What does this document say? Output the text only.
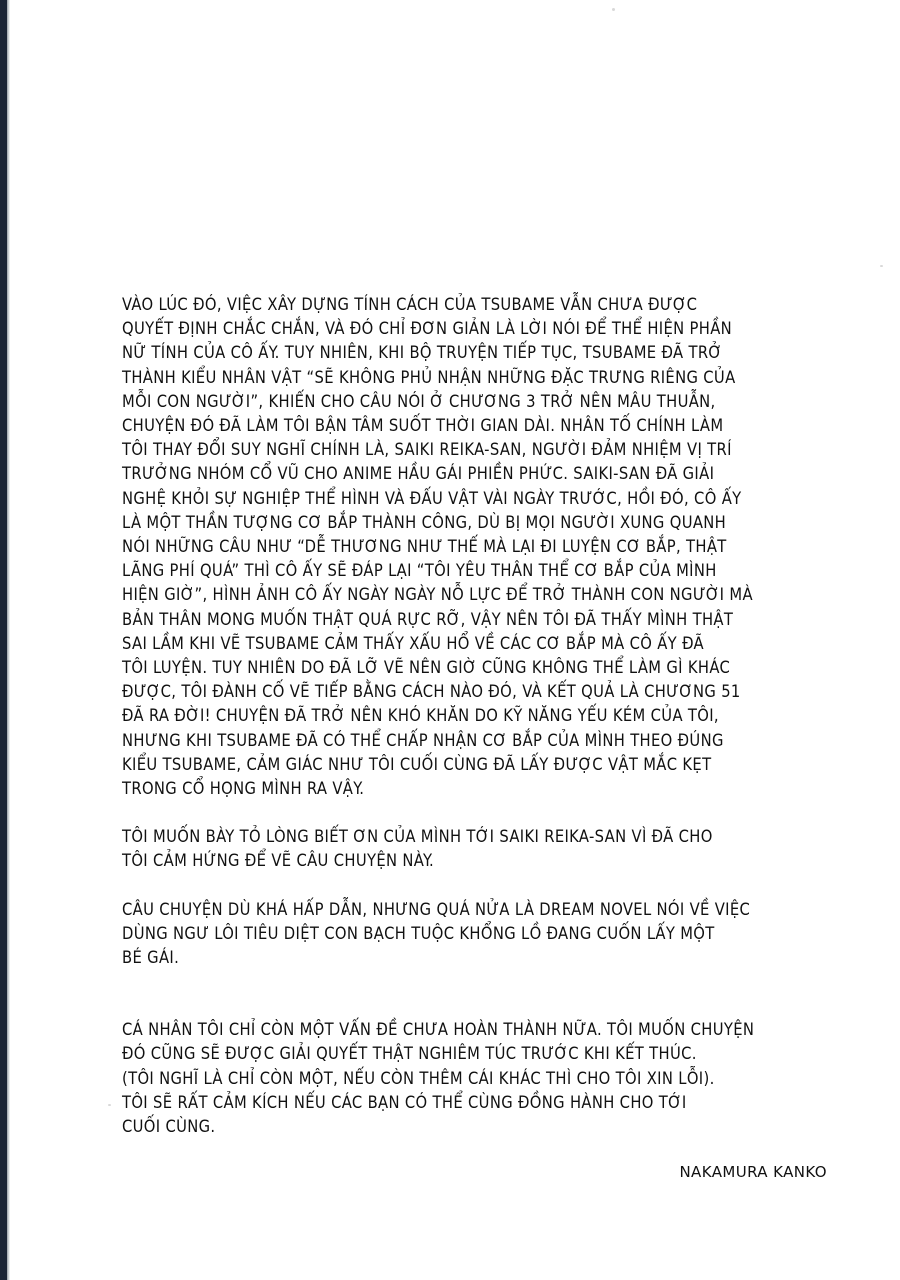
VÀO LÚC ĐÓ, VIỆC XÂY DỰNG TÍNH CÁCH CỦA TSUBAME VẪN CHƯA ĐƯỢC
QUYẾT ĐỊNH CHẮC CHẮN, VÀ ĐÓ CHỈ ĐƠN GIẢN LÀ LỜI NÓI ĐỂ THỂ HIỆN PHẦN
NỮ TÍNH CỦA CÔ ẤY. TUY NHIÊN, KHI BỘ TRUYỆN TIẾP TỤC, TSUBAME ĐÃ TRỞ
THÀNH KIỂU NHÂN VẬT “SẼ KHÔNG PHỦ NHẬN NHỮNG ĐẶC TRƯNG RIÊNG CỦA
MỖI CON NGƯỜI”, KHIẾN CHO CÂU NÓI Ở CHƯƠNG 3 TRỞ NÊN MÂU THUẪN,
CHUYỆN ĐÓ ĐÃ LÀM TÔI BẬN TÂM SUỐT THỜI GIAN DÀI. NHÂN TỐ CHÍNH LÀM
TÔI THAY ĐỔI SUY NGHĨ CHÍNH LÀ, SAIKI REIKA-SAN, NGƯỜI ĐẢM NHIỆM VỊ TRÍ
TRƯỞNG NHÓM CỔ VŨ CHO ANIME HẦU GÁI PHIỀN PHỨC. SAIKI-SAN ĐÃ GIẢI
NGHỆ KHỎI SỰ NGHIỆP THỂ HÌNH VÀ ĐẤU VẬT VÀI NGÀY TRƯỚC, HỒI ĐÓ, CÔ ẤY
LÀ MỘT THẦN TƯỢNG CƠ BẮP THÀNH CÔNG, DÙ BỊ MỌI NGƯỜI XUNG QUANH
NÓI NHỮNG CÂU NHƯ “DỄ THƯƠNG NHƯ THẾ MÀ LẠI ĐI LUYỆN CƠ BẮP, THẬT
LÃNG PHÍ QUÁ” THÌ CÔ ẤY SẼ ĐÁP LẠI “TÔI YÊU THÂN THỂ CƠ BẮP CỦA MÌNH
HIỆN GIỜ”, HÌNH ẢNH CÔ ẤY NGÀY NGÀY NỖ LỰC ĐỂ TRỞ THÀNH CON NGƯỜI MÀ
BẢN THÂN MONG MUỐN THẬT QUÁ RỰC RỠ, VẬY NÊN TÔI ĐÃ THẤY MÌNH THẬT
SAI LẦM KHI VẼ TSUBAME CẢM THẤY XẤU HỔ VỀ CÁC CƠ BẮP MÀ CÔ ẤY ĐÃ
TÔI LUYỆN. TUY NHIÊN DO ĐÃ LỠ VẼ NÊN GIỜ CŨNG KHÔNG THỂ LÀM GÌ KHÁC
ĐƯỢC, TÔI ĐÀNH CỐ VẼ TIẾP BẰNG CÁCH NÀO ĐÓ, VÀ KẾT QUẢ LÀ CHƯƠNG 51
ĐÃ RA ĐỜI! CHUYỆN ĐÃ TRỞ NÊN KHÓ KHĂN DO KỸ NĂNG YẾU KÉM CỦA TÔI,
NHƯNG KHI TSUBAME ĐÃ CÓ THỂ CHẤP NHẬN CƠ BẮP CỦA MÌNH THEO ĐÚNG
KIỂU TSUBAME, CẢM GIÁC NHƯ TÔI CUỐI CÙNG ĐÃ LẤY ĐƯỢC VẬT MẮC KẸT
TRONG CỔ HỌNG MÌNH RA VẬY.

TÔI MUỐN BÀY TỎ LÒNG BIẾT ƠN CỦA MÌNH TỚI SAIKI REIKA-SAN VÌ ĐÃ CHO
TÔI CẢM HỨNG ĐỂ VẼ CÂU CHUYỆN NÀY.

CÂU CHUYỆN DÙ KHÁ HẤP DẪN, NHƯNG QUÁ NỬA LÀ DREAM NOVEL NÓI VỀ VIỆC
DÙNG NGƯ LÔI TIÊU DIỆT CON BẠCH TUỘC KHỔNG LỒ ĐANG CUỐN LẤY MỘT
BÉ GÁI.

CÁ NHÂN TÔI CHỈ CÒN MỘT VẤN ĐỀ CHƯA HOÀN THÀNH NỮA. TÔI MUỐN CHUYỆN
ĐÓ CŨNG SẼ ĐƯỢC GIẢI QUYẾT THẬT NGHIÊM TÚC TRƯỚC KHI KẾT THÚC.
(TÔI NGHĨ LÀ CHỈ CÒN MỘT, NẾU CÒN THÊM CÁI KHÁC THÌ CHO TÔI XIN LỖI).
TÔI SẼ RẤT CẢM KÍCH NẾU CÁC BẠN CÓ THỂ CÙNG ĐỒNG HÀNH CHO TỚI
CUỐI CÙNG.

NAKAMURA KANKO
